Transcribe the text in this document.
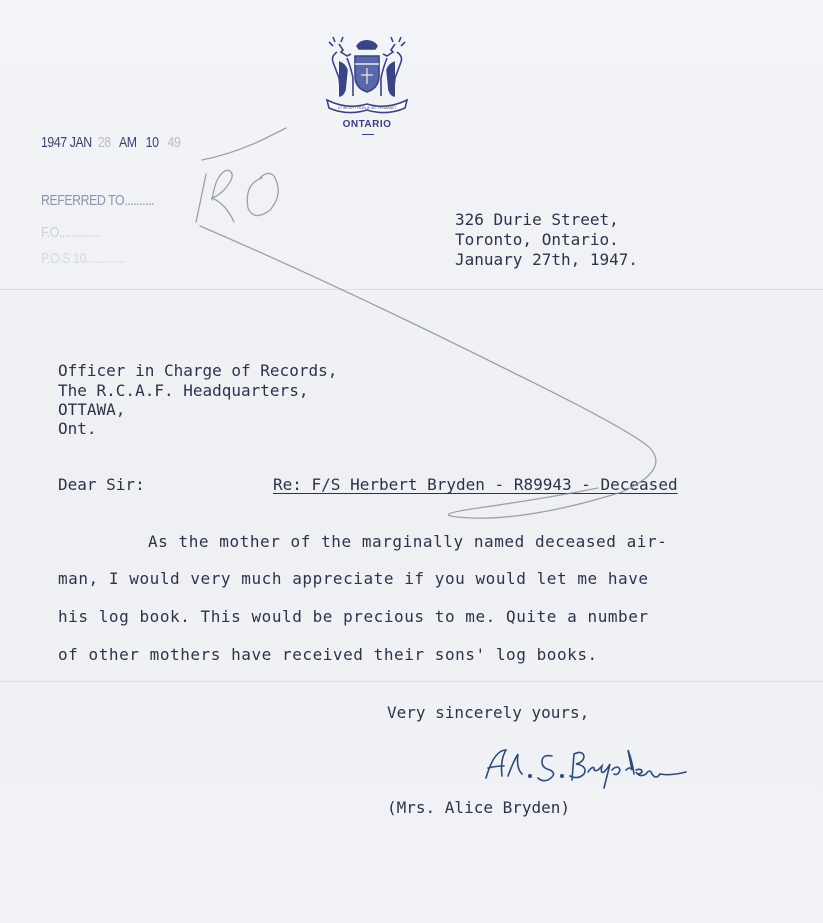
UT INCEPIT FIDELIS SIC PERMANET
ONTARIO
1947 JAN 28 AM 10 49
REFERRED TO..........
F.O..............
P.O.S 10.............
326 Durie Street,
Toronto, Ontario.
January 27th, 1947.
Officer in Charge of Records,
The R.C.A.F. Headquarters,
OTTAWA,
Ont.
Dear Sir:	Re: F/S Herbert Bryden - R89943 - Deceased
As the mother of the marginally named deceased air-
man, I would very much appreciate if you would let me have
his log book. This would be precious to me. Quite a number
of other mothers have received their sons' log books.
Very sincerely yours,
(Mrs. Alice Bryden)
RO
